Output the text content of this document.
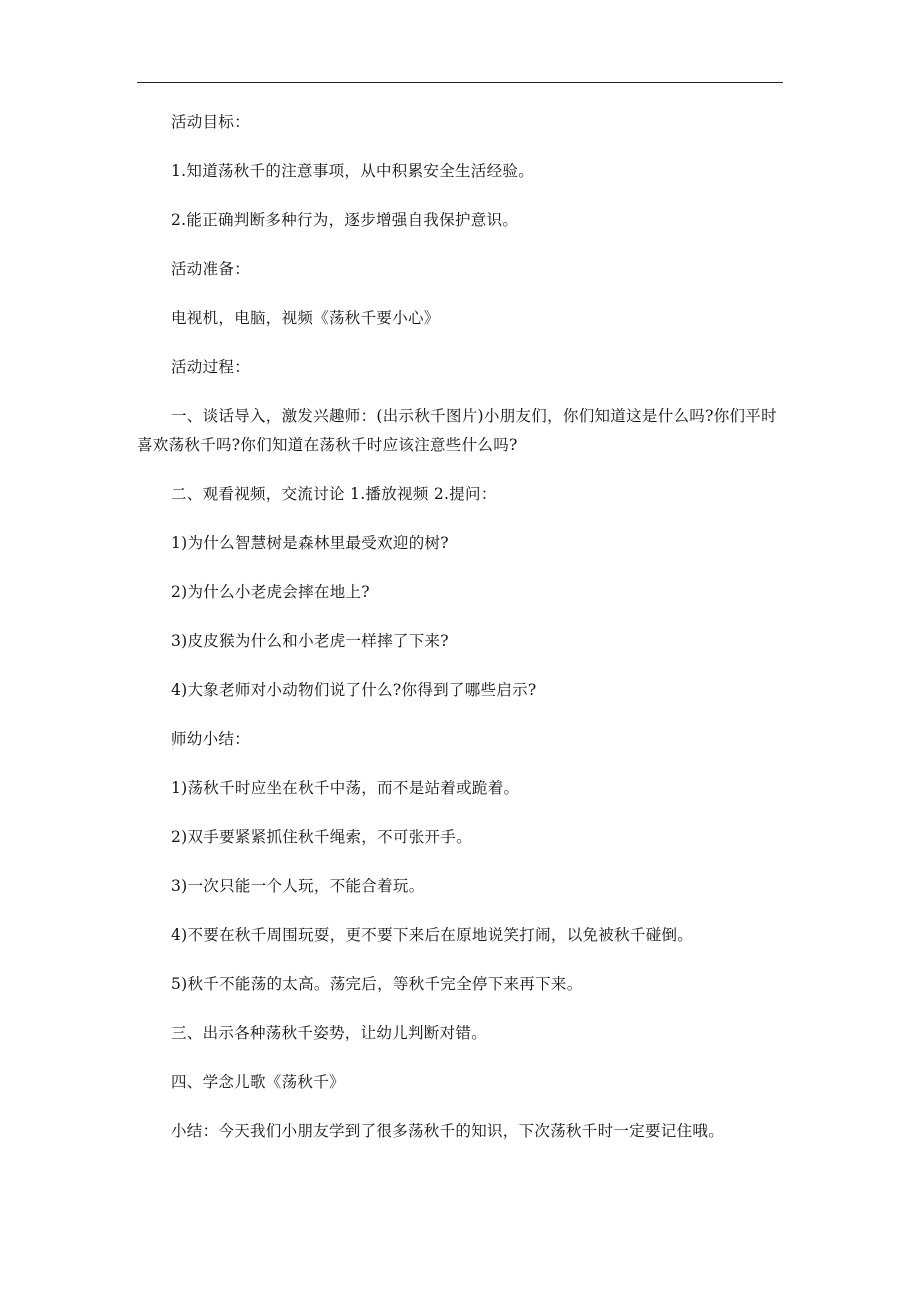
活动目标：

1.知道荡秋千的注意事项，从中积累安全生活经验。

2.能正确判断多种行为，逐步增强自我保护意识。

活动准备：

电视机，电脑，视频《荡秋千要小心》

活动过程：

一、谈话导入，激发兴趣师：(出示秋千图片)小朋友们，你们知道这是什么吗?你们平时喜欢荡秋千吗?你们知道在荡秋千时应该注意些什么吗?

二、观看视频，交流讨论 1.播放视频 2.提问：

1)为什么智慧树是森林里最受欢迎的树?

2)为什么小老虎会摔在地上?

3)皮皮猴为什么和小老虎一样摔了下来?

4)大象老师对小动物们说了什么?你得到了哪些启示?

师幼小结：

1)荡秋千时应坐在秋千中荡，而不是站着或跪着。

2)双手要紧紧抓住秋千绳索，不可张开手。

3)一次只能一个人玩，不能合着玩。

4)不要在秋千周围玩耍，更不要下来后在原地说笑打闹，以免被秋千碰倒。

5)秋千不能荡的太高。荡完后，等秋千完全停下来再下来。

三、出示各种荡秋千姿势，让幼儿判断对错。

四、学念儿歌《荡秋千》

小结：今天我们小朋友学到了很多荡秋千的知识，下次荡秋千时一定要记住哦。
